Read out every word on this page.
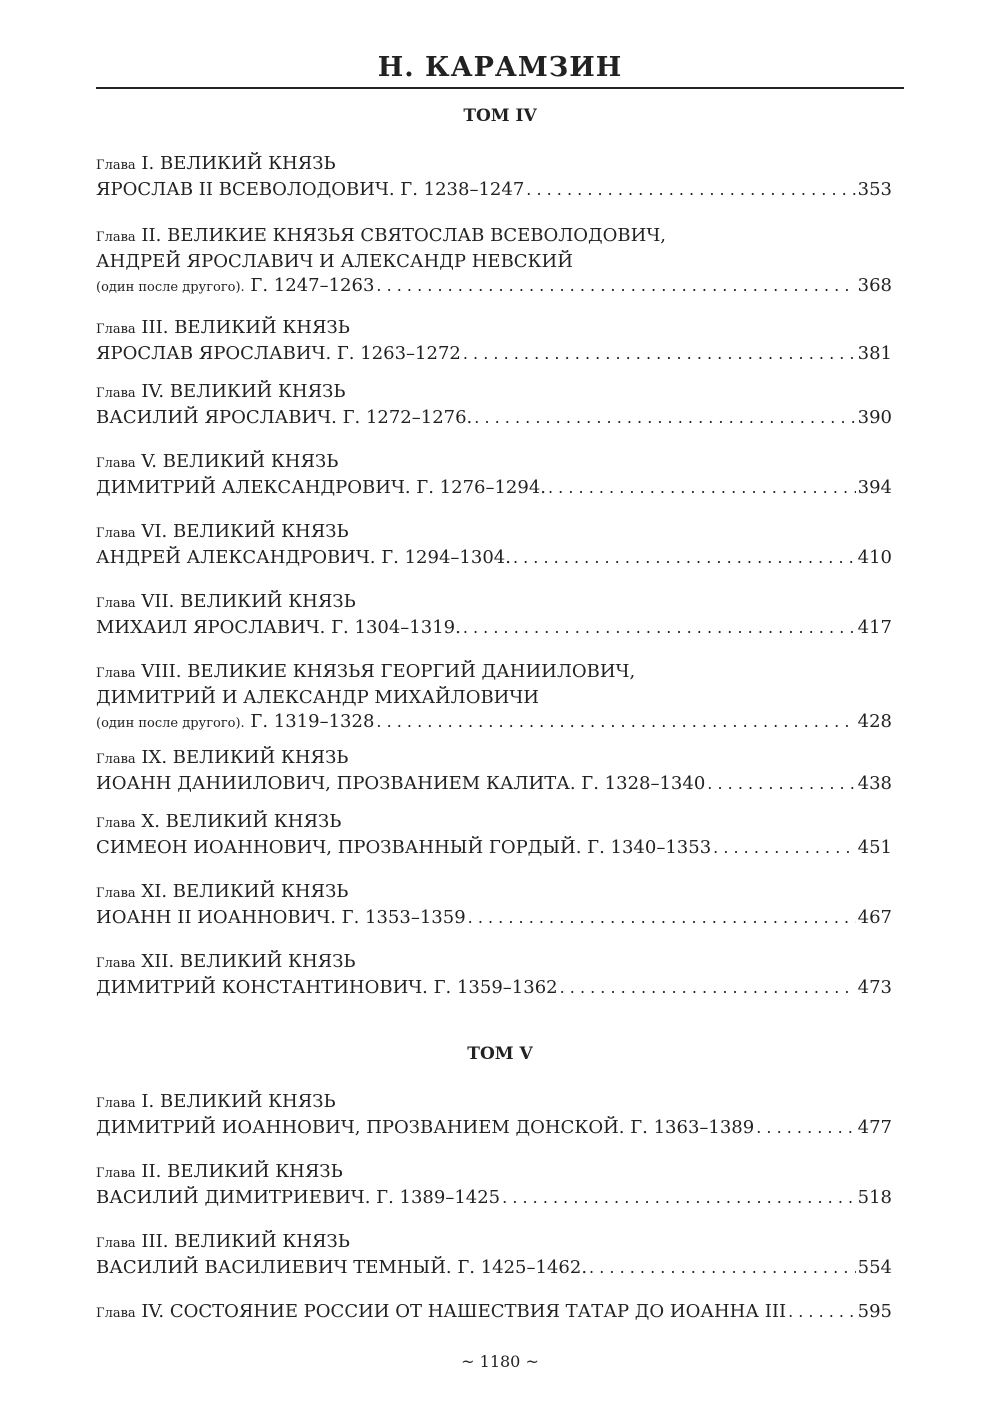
Н. КАРАМЗИН
ТОМ IV
Глава
I. ВЕЛИКИЙ КНЯЗЬ
ЯРОСЛАВ II ВСЕВОЛОДОВИЧ. Г. 1238–1247 . . .	353
Глава
II. ВЕЛИКИЕ КНЯЗЬЯ СВЯТОСЛАВ ВСЕВОЛОДОВИЧ,
АНДРЕЙ ЯРОСЛАВИЧ И АЛЕКСАНДР НЕВСКИЙ
(один после другого).
Г. 1247–1263 . . .	368
Глава
III. ВЕЛИКИЙ КНЯЗЬ
ЯРОСЛАВ ЯРОСЛАВИЧ. Г. 1263–1272 . . .	381
Глава
IV. ВЕЛИКИЙ КНЯЗЬ
ВАСИЛИЙ ЯРОСЛАВИЧ. Г. 1272–1276. . . .	390
Глава
V. ВЕЛИКИЙ КНЯЗЬ
ДИМИТРИЙ АЛЕКСАНДРОВИЧ. Г. 1276–1294. . . .	394
Глава
VI. ВЕЛИКИЙ КНЯЗЬ
АНДРЕЙ АЛЕКСАНДРОВИЧ. Г. 1294–1304. . . .	410
Глава
VII. ВЕЛИКИЙ КНЯЗЬ
МИХАИЛ ЯРОСЛАВИЧ. Г. 1304–1319. . . .	417
Глава
VIII. ВЕЛИКИЕ КНЯЗЬЯ ГЕОРГИЙ ДАНИИЛОВИЧ,
ДИМИТРИЙ И АЛЕКСАНДР МИХАЙЛОВИЧИ
(один после другого).
Г. 1319–1328 . . .	428
Глава
IX. ВЕЛИКИЙ КНЯЗЬ
ИОАНН ДАНИИЛОВИЧ, ПРОЗВАНИЕМ КАЛИТА. Г. 1328–1340 . . .	438
Глава
X. ВЕЛИКИЙ КНЯЗЬ
СИМЕОН ИОАННОВИЧ, ПРОЗВАННЫЙ ГОРДЫЙ. Г. 1340–1353 . . .	451
Глава
XI. ВЕЛИКИЙ КНЯЗЬ
ИОАНН II ИОАННОВИЧ. Г. 1353–1359 . . .	467
Глава
XII. ВЕЛИКИЙ КНЯЗЬ
ДИМИТРИЙ КОНСТАНТИНОВИЧ. Г. 1359–1362 . . .	473
ТОМ V
Глава
I. ВЕЛИКИЙ КНЯЗЬ
ДИМИТРИЙ ИОАННОВИЧ, ПРОЗВАНИЕМ ДОНСКОЙ. Г. 1363–1389 . . .	477
Глава
II. ВЕЛИКИЙ КНЯЗЬ
ВАСИЛИЙ ДИМИТРИЕВИЧ. Г. 1389–1425 . . .	518
Глава
III. ВЕЛИКИЙ КНЯЗЬ
ВАСИЛИЙ ВАСИЛИЕВИЧ ТЕМНЫЙ. Г. 1425–1462. . . .	554
Глава
IV. СОСТОЯНИЕ РОССИИ ОТ НАШЕСТВИЯ ТАТАР ДО ИОАННА III . . .	595
~ 1180 ~
